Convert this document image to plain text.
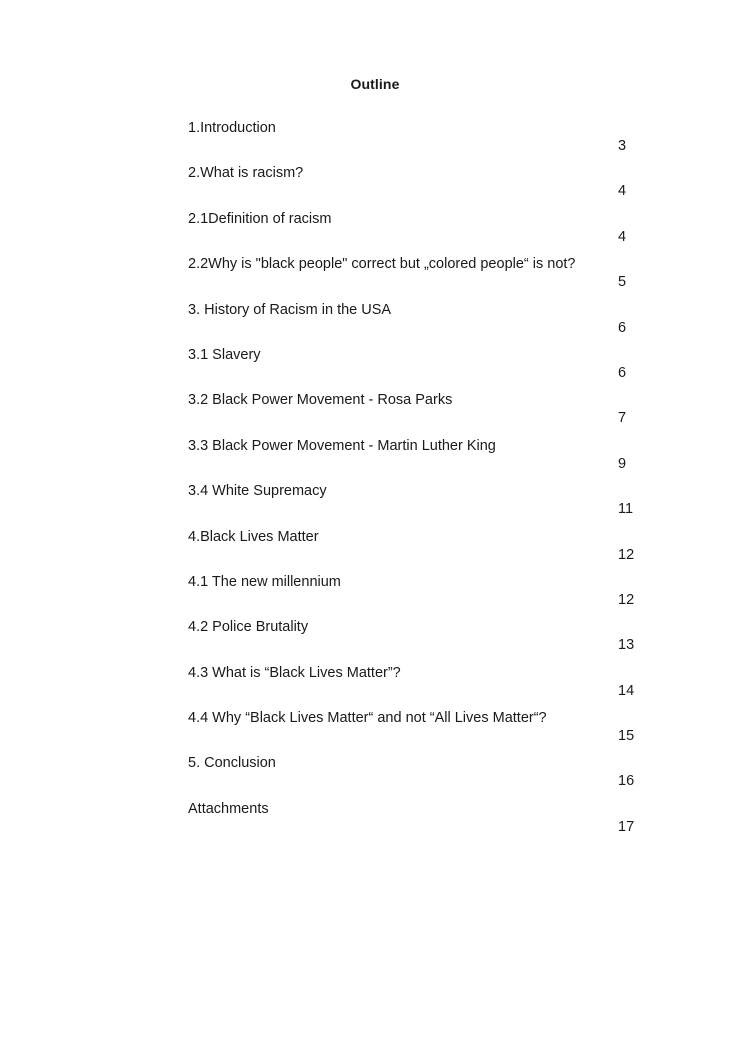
Outline
1.Introduction
3
2.What is racism?
4
2.1Definition of racism
4
2.2Why is "black people" correct but „colored people“ is not?
5
3. History of Racism in the USA
6
3.1 Slavery
6
3.2 Black Power Movement - Rosa Parks
7
3.3 Black Power Movement - Martin Luther King
9
3.4 White Supremacy
11
4.Black Lives Matter
12
4.1 The new millennium
12
4.2 Police Brutality
13
4.3 What is “Black Lives Matter”?
14
4.4 Why “Black Lives Matter“ and not “All Lives Matter“?
15
5. Conclusion
16
Attachments
17
